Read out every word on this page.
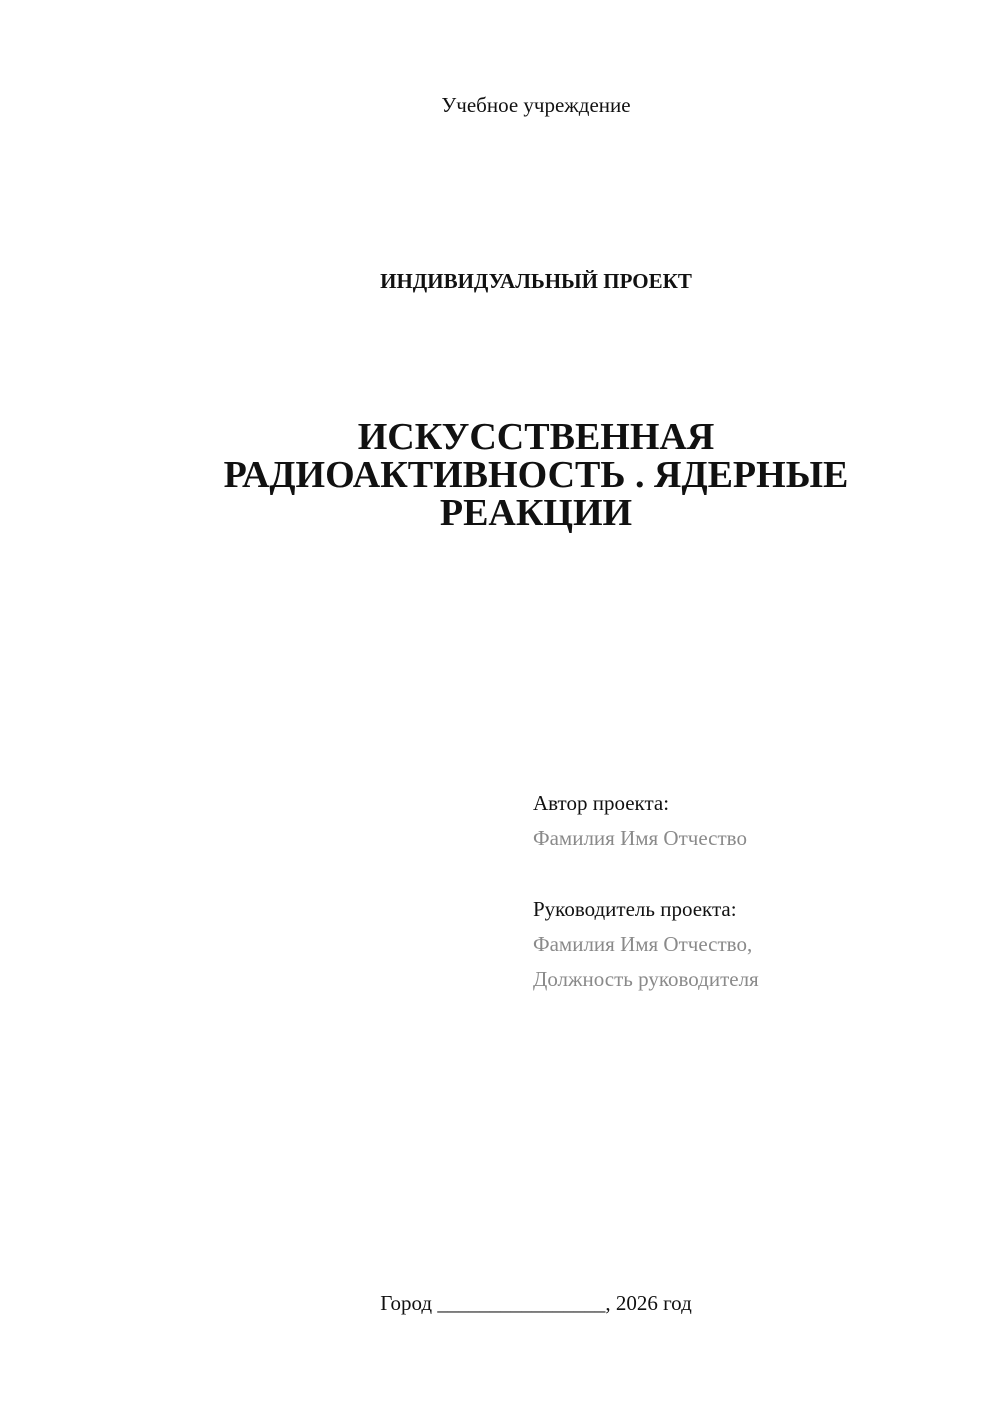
Учебное учреждение
ИНДИВИДУАЛЬНЫЙ ПРОЕКТ
ИСКУССТВЕННАЯ
РАДИОАКТИВНОСТЬ . ЯДЕРНЫЕ
РЕАКЦИИ
Автор проекта:
Фамилия Имя Отчество
Руководитель проекта:
Фамилия Имя Отчество,
Должность руководителя
Город ________________, 2026 год
